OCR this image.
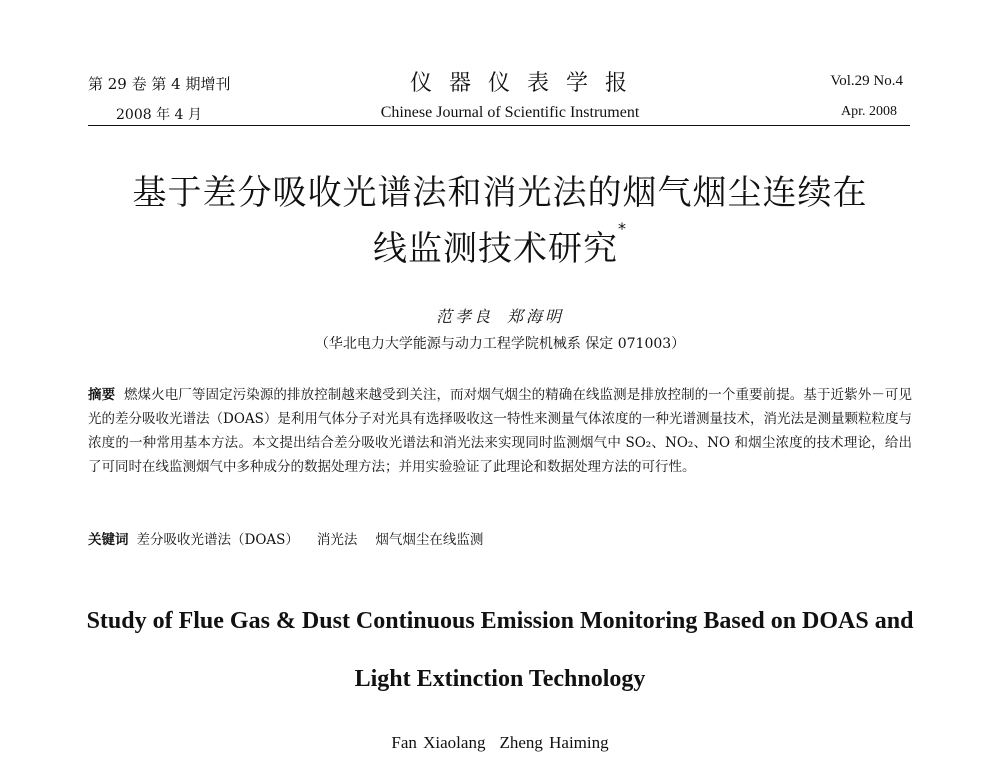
第 29 卷 第 4 期增刊
2008 年 4 月
仪器仪表学报
Chinese Journal of Scientific Instrument
Vol.29 No.4
Apr. 2008
基于差分吸收光谱法和消光法的烟气烟尘连续在
线监测技术研究*
范孝良 郑海明
（华北电力大学能源与动力工程学院机械系 保定 071003）
摘要 燃煤火电厂等固定污染源的排放控制越来越受到关注，而对烟气烟尘的精确在线监测是排放控制的一个重要前提。基于近紫外－可见光的差分吸收光谱法（DOAS）是利用气体分子对光具有选择吸收这一特性来测量气体浓度的一种光谱测量技术，消光法是测量颗粒粒度与浓度的一种常用基本方法。本文提出结合差分吸收光谱法和消光法来实现同时监测烟气中 SO₂、NO₂、NO 和烟尘浓度的技术理论，给出了可同时在线监测烟气中多种成分的数据处理方法；并用实验验证了此理论和数据处理方法的可行性。
关键词 差分吸收光谱法（DOAS） 消光法 烟气烟尘在线监测
Study of Flue Gas & Dust Continuous Emission Monitoring Based on DOAS and
Light Extinction Technology
Fan Xiaolang Zheng Haiming
